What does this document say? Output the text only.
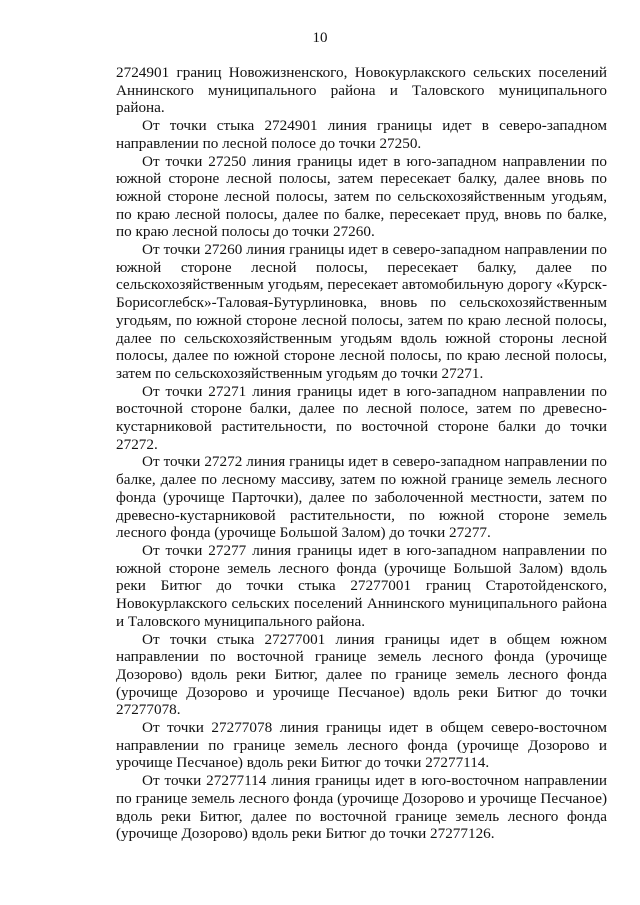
10

2724901 границ Новожизненского, Новокурлакского сельских поселений Аннинского муниципального района и Таловского муниципального района.

От точки стыка 2724901 линия границы идет в северо-западном направлении по лесной полосе до точки 27250.

От точки 27250 линия границы идет в юго-западном направлении по южной стороне лесной полосы, затем пересекает балку, далее вновь по южной стороне лесной полосы, затем по сельскохозяйственным угодьям, по краю лесной полосы, далее по балке, пересекает пруд, вновь по балке, по краю лесной полосы до точки 27260.

От точки 27260 линия границы идет в северо-западном направлении по южной стороне лесной полосы, пересекает балку, далее по сельскохозяйственным угодьям, пересекает автомобильную дорогу «Курск-Борисоглебск»-Таловая-Бутурлиновка, вновь по сельскохозяйственным угодьям, по южной стороне лесной полосы, затем по краю лесной полосы, далее по сельскохозяйственным угодьям вдоль южной стороны лесной полосы, далее по южной стороне лесной полосы, по краю лесной полосы, затем по сельскохозяйственным угодьям до точки 27271.

От точки 27271 линия границы идет в юго-западном направлении по восточной стороне балки, далее по лесной полосе, затем по древесно-кустарниковой растительности, по восточной стороне балки до точки 27272.

От точки 27272 линия границы идет в северо-западном направлении по балке, далее по лесному массиву, затем по южной границе земель лесного фонда (урочище Парточки), далее по заболоченной местности, затем по древесно-кустарниковой растительности, по южной стороне земель лесного фонда (урочище Большой Залом) до точки 27277.

От точки 27277 линия границы идет в юго-западном направлении по южной стороне земель лесного фонда (урочище Большой Залом) вдоль реки Битюг до точки стыка 27277001 границ Старотойденского, Новокурлакского сельских поселений Аннинского муниципального района и Таловского муниципального района.

От точки стыка 27277001 линия границы идет в общем южном направлении по восточной границе земель лесного фонда (урочище Дозорово) вдоль реки Битюг, далее по границе земель лесного фонда (урочище Дозорово и урочище Песчаное) вдоль реки Битюг до точки 27277078.

От точки 27277078 линия границы идет в общем северо-восточном направлении по границе земель лесного фонда (урочище Дозорово и урочище Песчаное) вдоль реки Битюг до точки 27277114.

От точки 27277114 линия границы идет в юго-восточном направлении по границе земель лесного фонда (урочище Дозорово и урочище Песчаное) вдоль реки Битюг, далее по восточной границе земель лесного фонда (урочище Дозорово) вдоль реки Битюг до точки 27277126.
